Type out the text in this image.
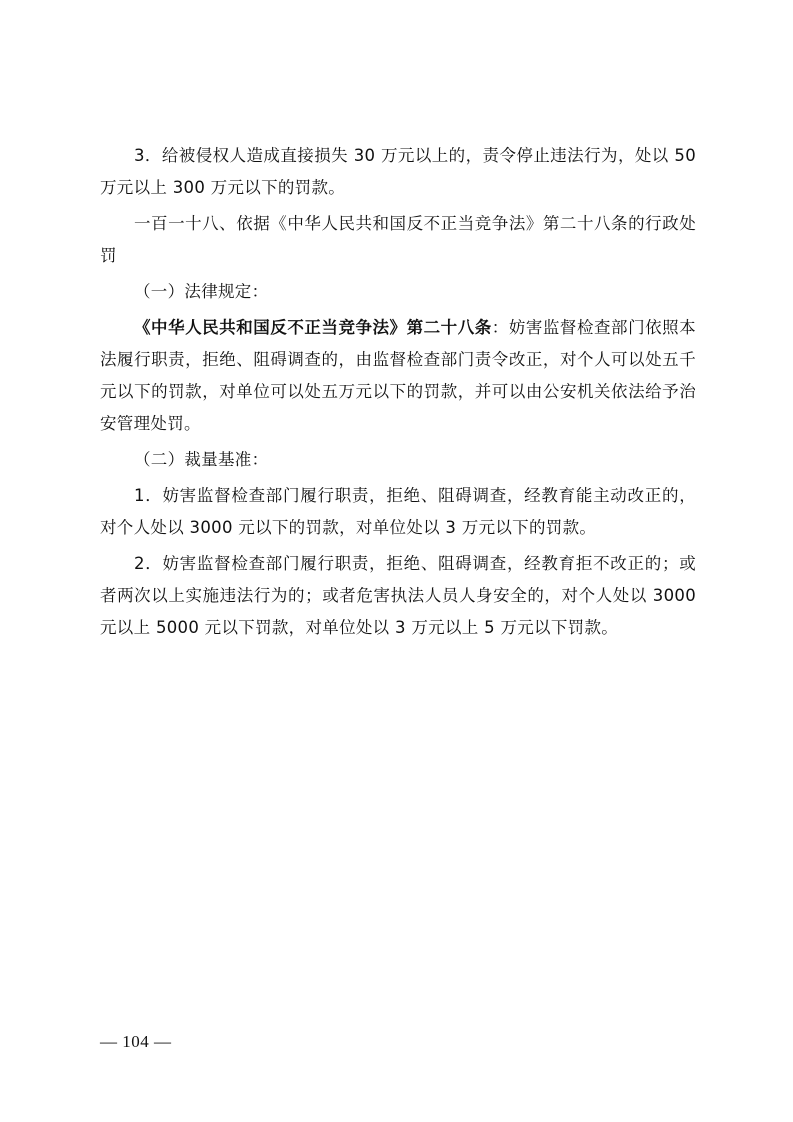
3．给被侵权人造成直接损失 30 万元以上的，责令停止违法行为，处以 50 万元以上 300 万元以下的罚款。

一百一十八、依据《中华人民共和国反不正当竞争法》第二十八条的行政处罚

（一）法律规定：

《中华人民共和国反不正当竞争法》第二十八条：妨害监督检查部门依照本法履行职责，拒绝、阻碍调查的，由监督检查部门责令改正，对个人可以处五千元以下的罚款，对单位可以处五万元以下的罚款，并可以由公安机关依法给予治安管理处罚。

（二）裁量基准：

1．妨害监督检查部门履行职责，拒绝、阻碍调查，经教育能主动改正的，对个人处以 3000 元以下的罚款，对单位处以 3 万元以下的罚款。

2．妨害监督检查部门履行职责，拒绝、阻碍调查，经教育拒不改正的；或者两次以上实施违法行为的；或者危害执法人员人身安全的，对个人处以 3000 元以上 5000 元以下罚款，对单位处以 3 万元以上 5 万元以下罚款。

— 104 —
